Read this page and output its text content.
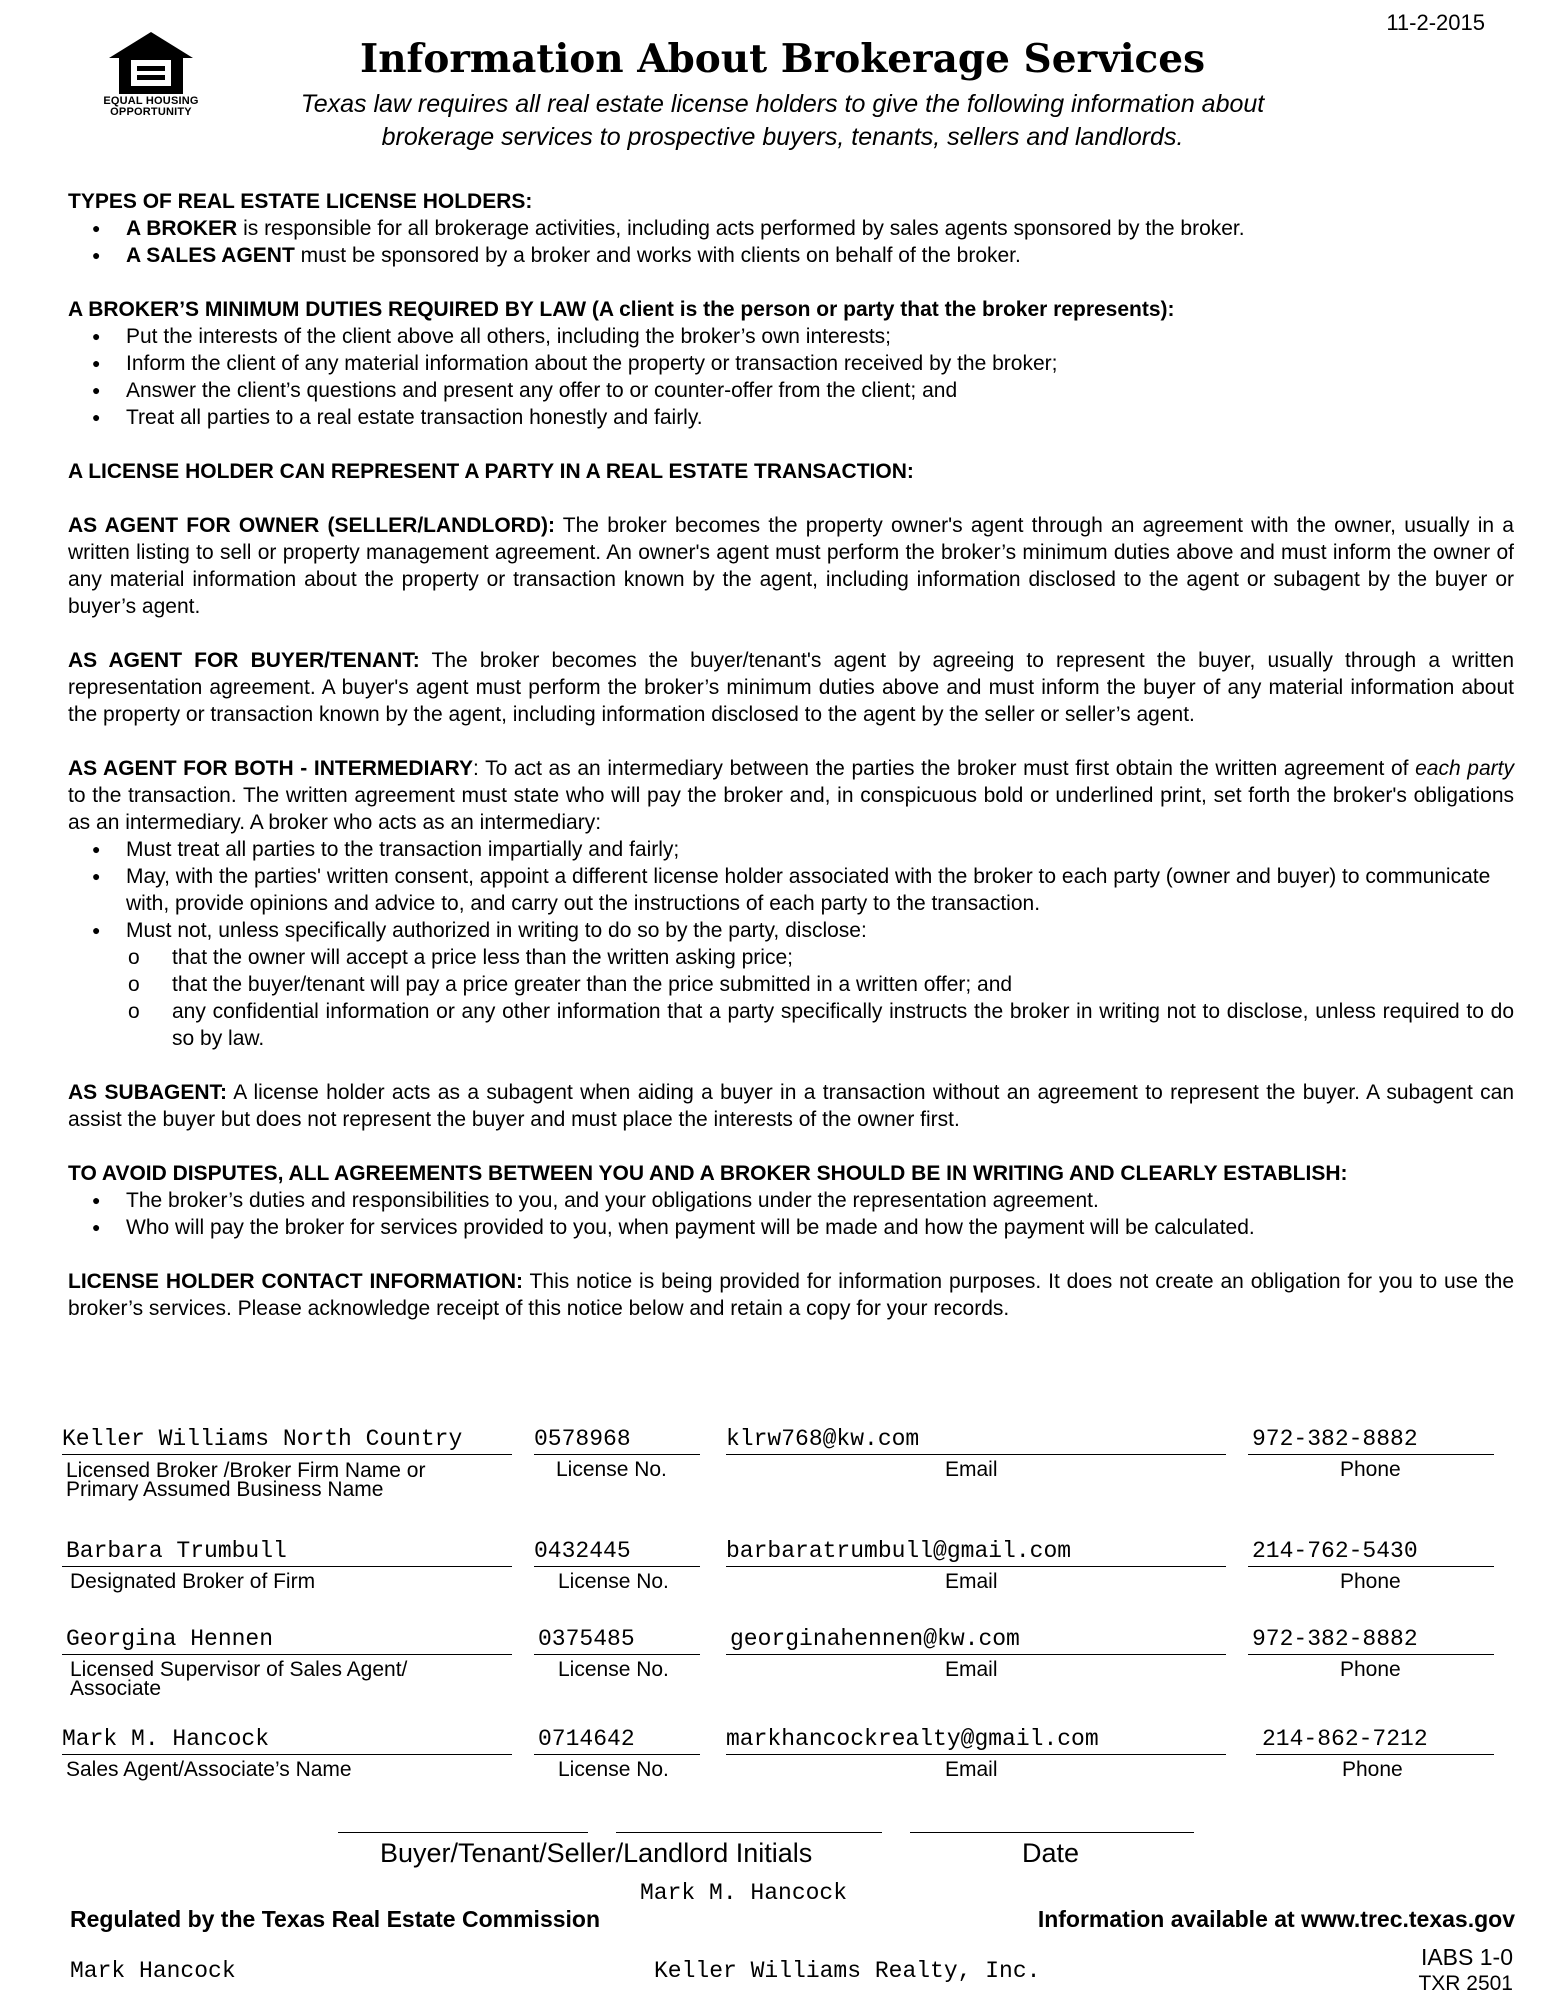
11-2-2015
EQUAL HOUSING
OPPORTUNITY
Information About Brokerage Services
Texas law requires all real estate license holders to give the following information about
brokerage services to prospective buyers, tenants, sellers and landlords.

TYPES OF REAL ESTATE LICENSE HOLDERS:

● A BROKER is responsible for all brokerage activities, including acts performed by sales agents sponsored by the broker.
● A SALES AGENT must be sponsored by a broker and works with clients on behalf of the broker.

A BROKER’S MINIMUM DUTIES REQUIRED BY LAW (A client is the person or party that the broker represents):

● Put the interests of the client above all others, including the broker’s own interests;
● Inform the client of any material information about the property or transaction received by the broker;
● Answer the client’s questions and present any offer to or counter-offer from the client; and
● Treat all parties to a real estate transaction honestly and fairly.

A LICENSE HOLDER CAN REPRESENT A PARTY IN A REAL ESTATE TRANSACTION:

AS AGENT FOR OWNER (SELLER/LANDLORD): The broker becomes the property owner's agent through an agreement with the owner, usually in a written listing to sell or property management agreement. An owner's agent must perform the broker’s minimum duties above and must inform the owner of any material information about the property or transaction known by the agent, including information disclosed to the agent or subagent by the buyer or buyer’s agent.

AS AGENT FOR BUYER/TENANT: The broker becomes the buyer/tenant's agent by agreeing to represent the buyer, usually through a written representation agreement. A buyer's agent must perform the broker’s minimum duties above and must inform the buyer of any material information about the property or transaction known by the agent, including information disclosed to the agent by the seller or seller’s agent.

AS AGENT FOR BOTH - INTERMEDIARY: To act as an intermediary between the parties the broker must first obtain the written agreement of each party to the transaction. The written agreement must state who will pay the broker and, in conspicuous bold or underlined print, set forth the broker's obligations as an intermediary. A broker who acts as an intermediary:

● Must treat all parties to the transaction impartially and fairly;
● May, with the parties' written consent, appoint a different license holder associated with the broker to each party (owner and buyer) to communicate with, provide opinions and advice to, and carry out the instructions of each party to the transaction.
● Must not, unless specifically authorized in writing to do so by the party, disclose:
o that the owner will accept a price less than the written asking price;
o that the buyer/tenant will pay a price greater than the price submitted in a written offer; and
o any confidential information or any other information that a party specifically instructs the broker in writing not to disclose, unless required to do so by law.

AS SUBAGENT: A license holder acts as a subagent when aiding a buyer in a transaction without an agreement to represent the buyer. A subagent can assist the buyer but does not represent the buyer and must place the interests of the owner first.

TO AVOID DISPUTES, ALL AGREEMENTS BETWEEN YOU AND A BROKER SHOULD BE IN WRITING AND CLEARLY ESTABLISH:

● The broker’s duties and responsibilities to you, and your obligations under the representation agreement.
● Who will pay the broker for services provided to you, when payment will be made and how the payment will be calculated.

LICENSE HOLDER CONTACT INFORMATION: This notice is being provided for information purposes. It does not create an obligation for you to use the broker’s services. Please acknowledge receipt of this notice below and retain a copy for your records.

Keller Williams North Country
Licensed Broker /Broker Firm Name or
Primary Assumed Business Name
0578968
License No.
klrw768@kw.com
Email
972-382-8882
Phone
Barbara Trumbull
Designated Broker of Firm
0432445
License No.
barbaratrumbull@gmail.com
Email
214-762-5430
Phone
Georgina Hennen
Licensed Supervisor of Sales Agent/
Associate
0375485
License No.
georginahennen@kw.com
Email
972-382-8882
Phone
Mark M. Hancock
Sales Agent/Associate’s Name
0714642
License No.
markhancockrealty@gmail.com
Email
214-862-7212
Phone
Buyer/Tenant/Seller/Landlord Initials	Date
Mark M. Hancock
Regulated by the Texas Real Estate Commission	Information available at www.trec.texas.gov
Mark Hancock	Keller Williams Realty, Inc.
IABS 1-0
TXR 2501
